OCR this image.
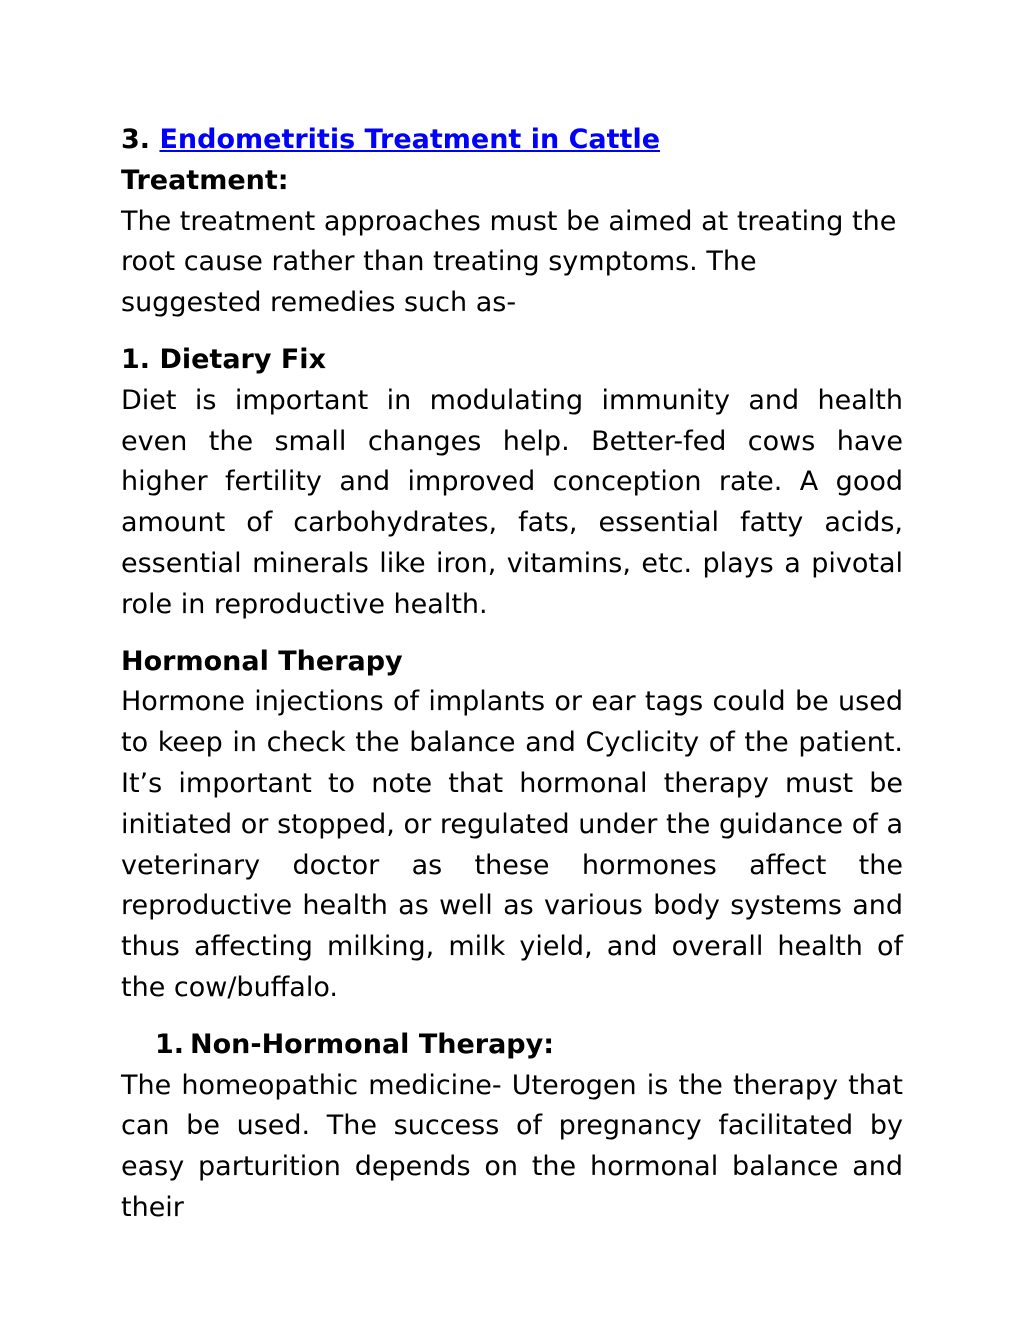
3. Endometritis Treatment in Cattle

Treatment:

The treatment approaches must be aimed at treating the root cause rather than treating symptoms. The suggested remedies such as-

1. Dietary Fix

Diet is important in modulating immunity and health even the small changes help. Better-fed cows have higher fertility and improved conception rate. A good amount of carbohydrates, fats, essential fatty acids, essential minerals like iron, vitamins, etc. plays a pivotal role in reproductive health.

Hormonal Therapy

Hormone injections of implants or ear tags could be used to keep in check the balance and Cyclicity of the patient. It’s important to note that hormonal therapy must be initiated or stopped, or regulated under the guidance of a veterinary doctor as these hormones affect the reproductive health as well as various body systems and thus affecting milking, milk yield, and overall health of the cow/buffalo.

1. Non-Hormonal Therapy:

The homeopathic medicine- Uterogen is the therapy that can be used. The success of pregnancy facilitated by easy parturition depends on the hormonal balance and their
